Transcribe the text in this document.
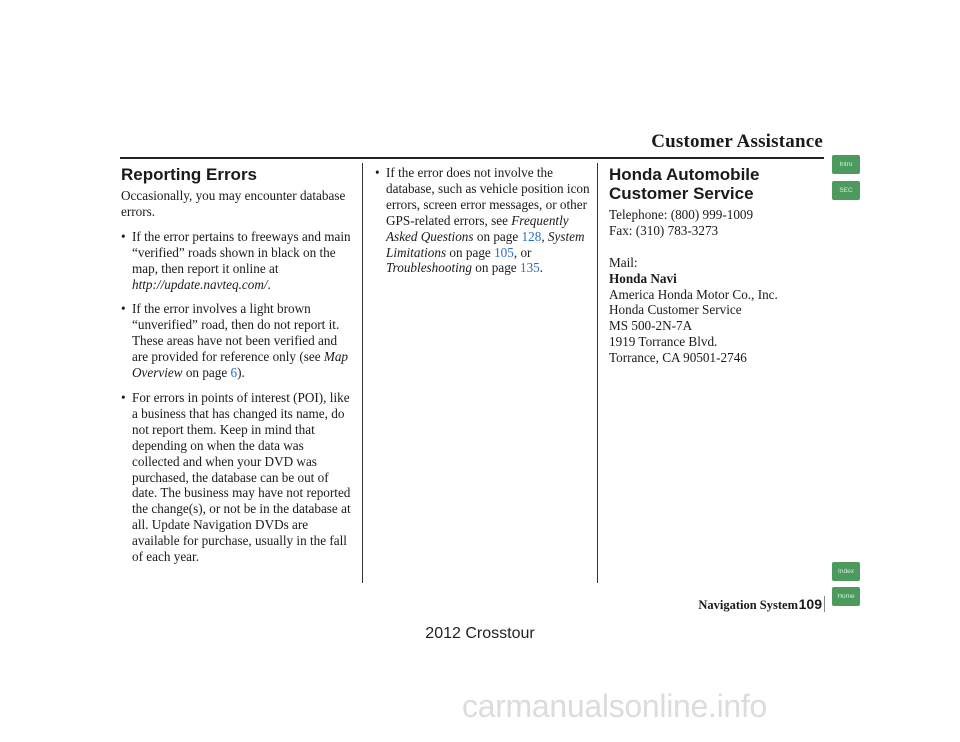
Customer Assistance
Reporting Errors

Occasionally, you may encounter database errors.

• If the error pertains to freeways and main “verified” roads shown in black on the map, then report it online at http://update.navteq.com/.
• If the error involves a light brown “unverified” road, then do not report it. These areas have not been verified and are provided for reference only (see Map Overview on page 6).
• For errors in points of interest (POI), like a business that has changed its name, do not report them. Keep in mind that depending on when the data was collected and when your DVD was purchased, the database can be out of date. The business may have not reported the change(s), or not be in the database at all. Update Navigation DVDs are available for purchase, usually in the fall of each year.
• If the error does not involve the database, such as vehicle position icon errors, screen error messages, or other GPS-related errors, see Frequently Asked Questions on page 128, System Limitations on page 105, or Troubleshooting on page 135.
Honda Automobile Customer Service

Telephone: (800) 999-1009

Fax: (310) 783-3273

Mail:

Honda Navi

America Honda Motor Co., Inc.

Honda Customer Service

MS 500-2N-7A

1919 Torrance Blvd.

Torrance, CA 90501-2746

Intro
SEC
Index
Home
Navigation System 109
2012 Crosstour
carmanualsonline.info
